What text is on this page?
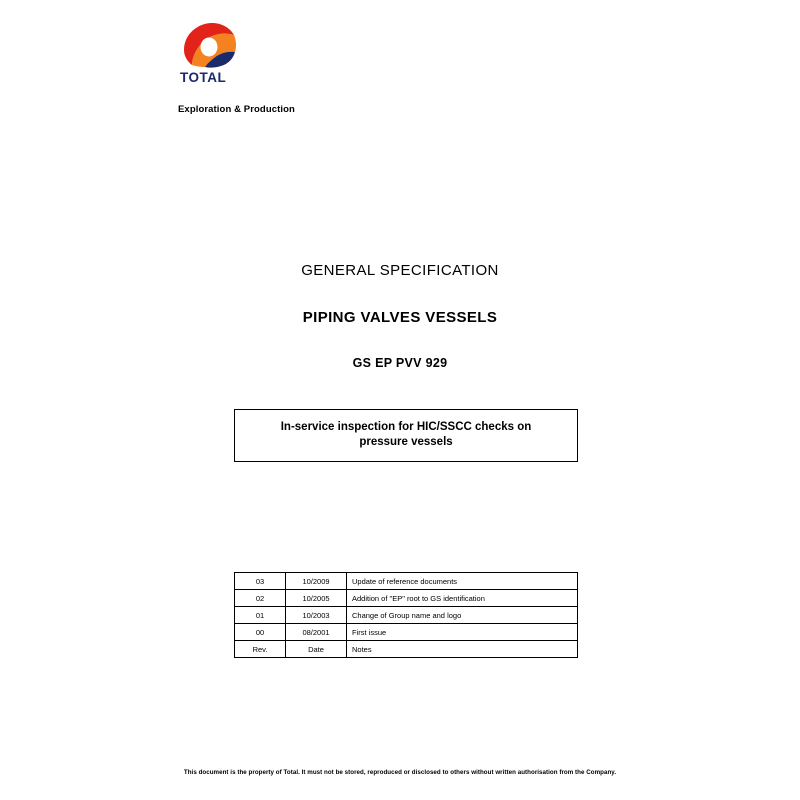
TOTAL
Exploration & Production
GENERAL SPECIFICATION
PIPING VALVES VESSELS
GS EP PVV 929
In-service inspection for HIC/SSCC checks on
pressure vessels
03	10/2009	Update of reference documents
02	10/2005	Addition of "EP" root to GS identification
01	10/2003	Change of Group name and logo
00	08/2001	First issue
Rev.	Date	Notes
This document is the property of Total. It must not be stored, reproduced or disclosed to others without written authorisation from the Company.
